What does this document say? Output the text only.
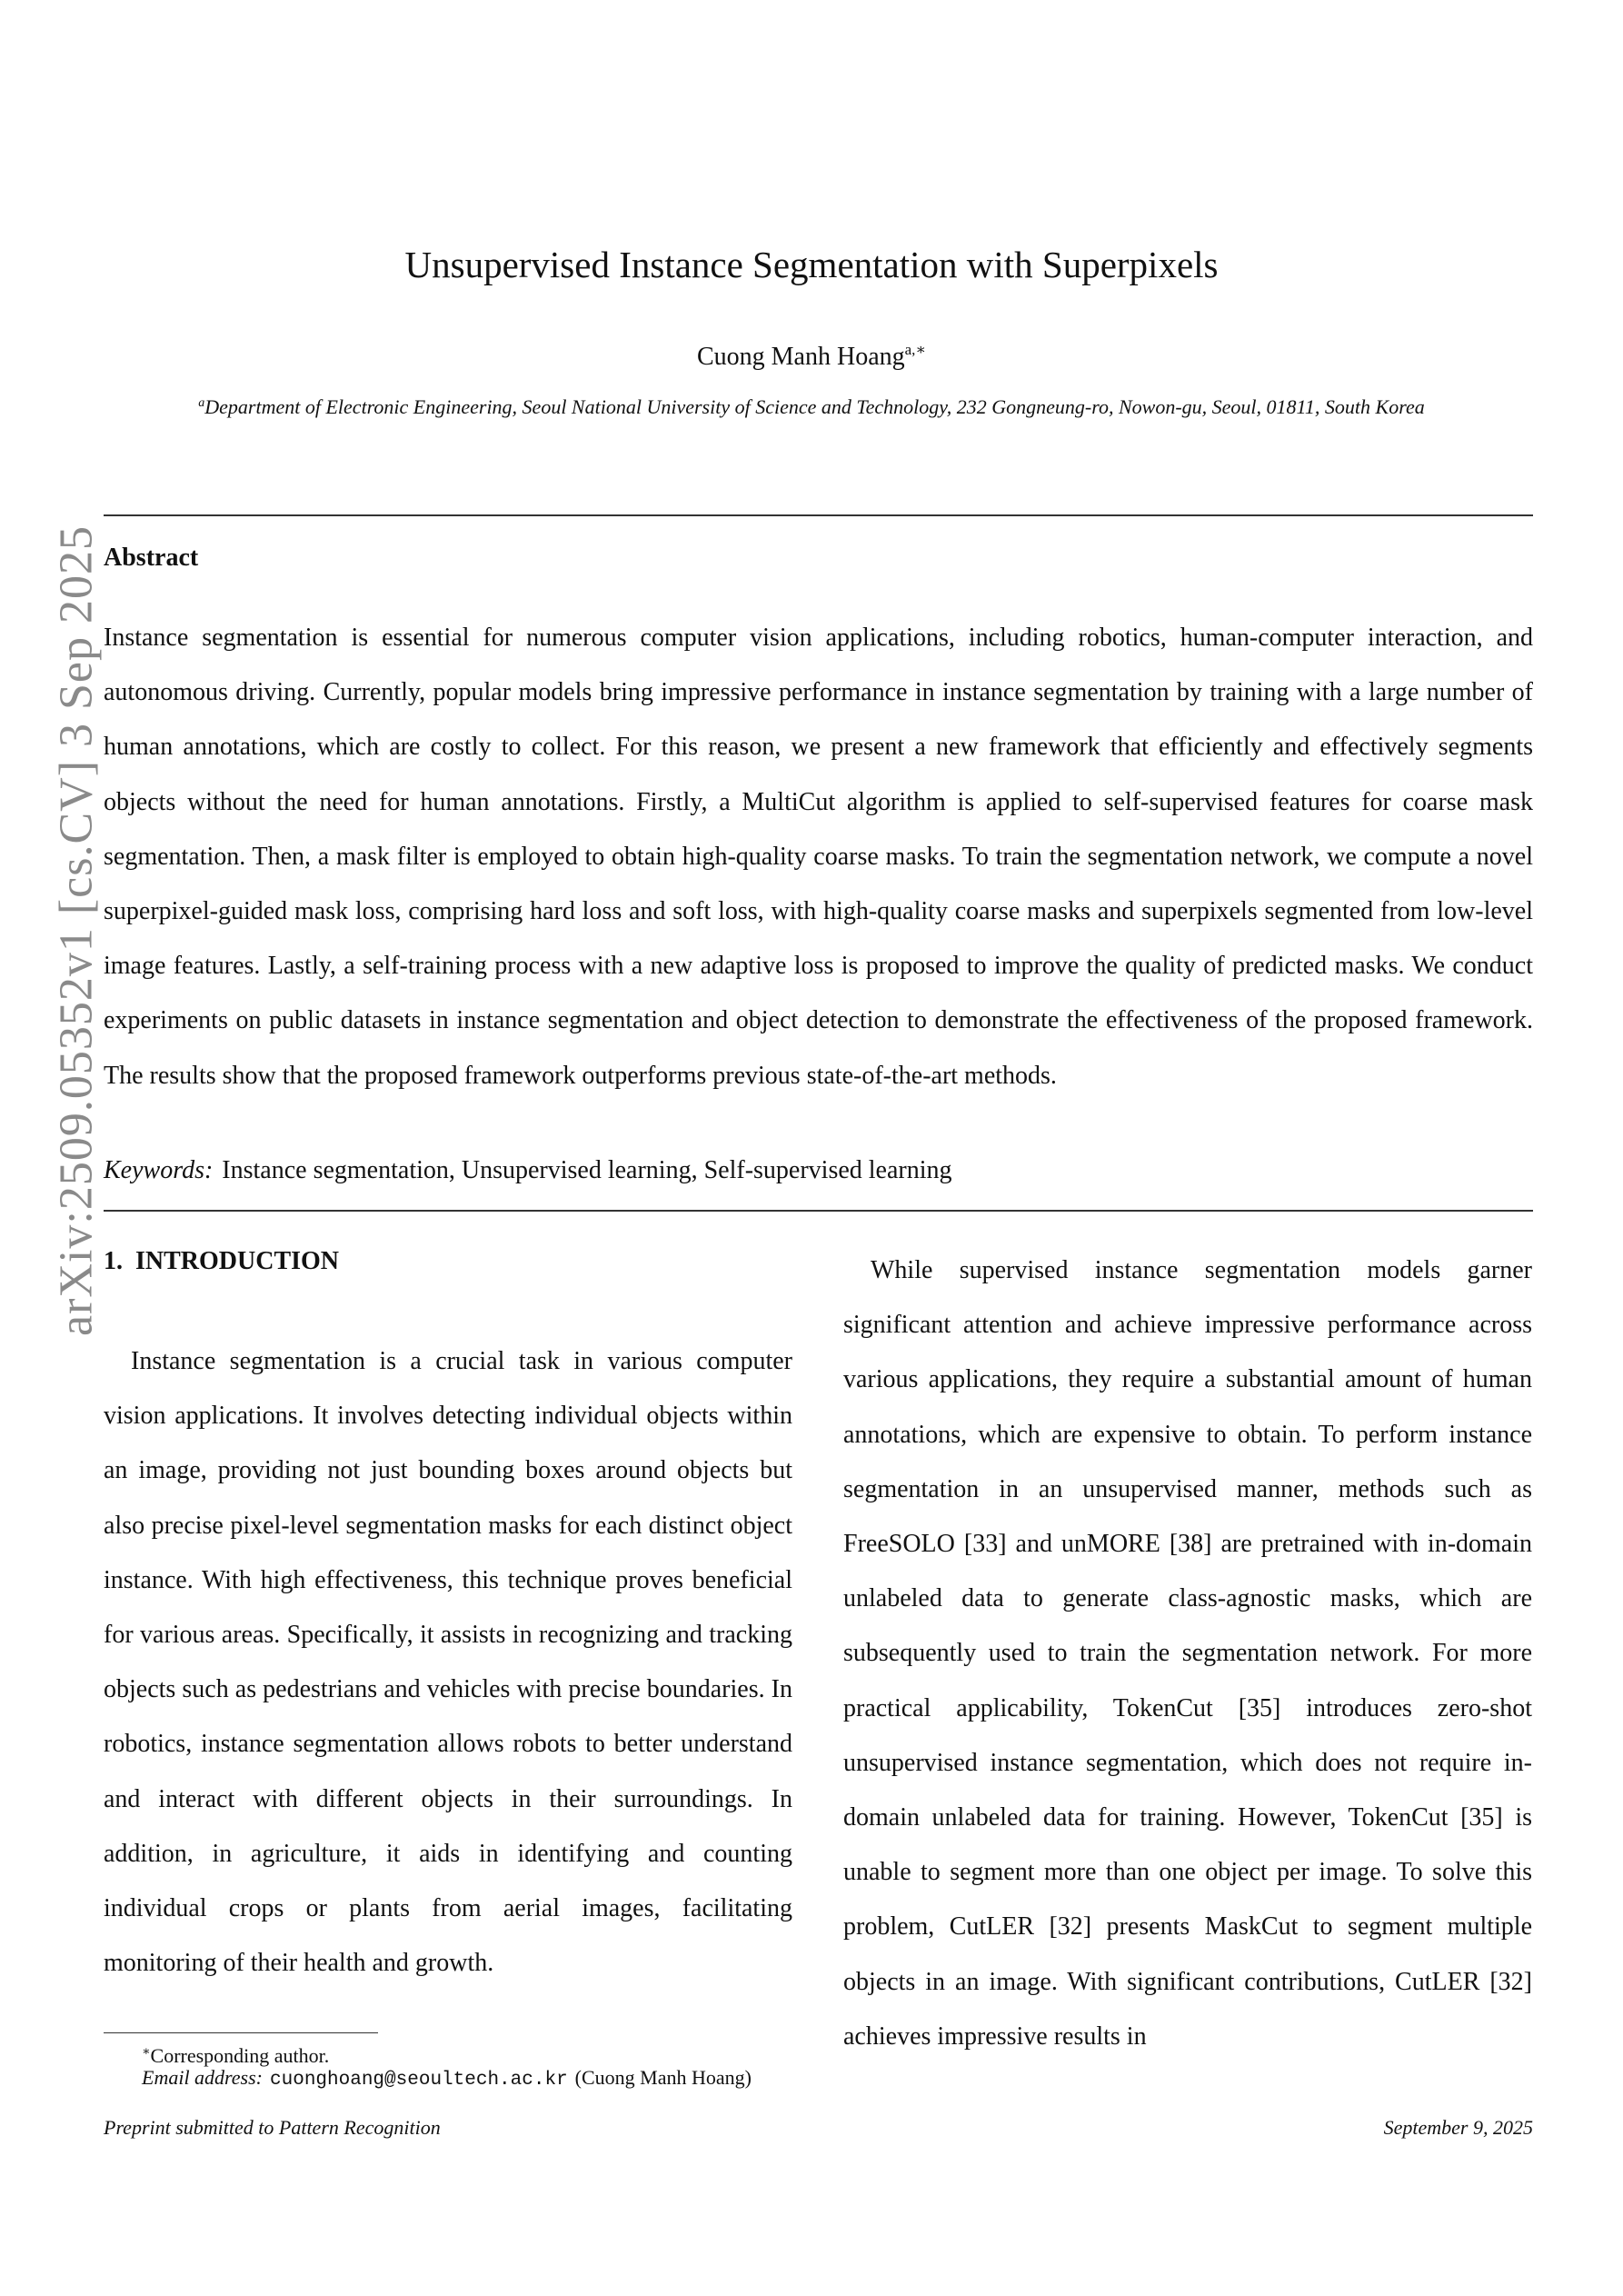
arXiv:2509.05352v1 [cs.CV] 3 Sep 2025
Unsupervised Instance Segmentation with Superpixels
Cuong Manh Hoang$^{a,∗}$
$^a$Department of Electronic Engineering, Seoul National University of Science and Technology, 232 Gongneung-ro, Nowon-gu, Seoul, 01811, South Korea
Abstract

Instance segmentation is essential for numerous computer vision applications, including robotics, human-computer interaction, and autonomous driving. Currently, popular models bring impressive performance in instance segmentation by training with a large number of human annotations, which are costly to collect. For this reason, we present a new framework that efficiently and effectively segments objects without the need for human annotations. Firstly, a MultiCut algorithm is applied to self-supervised features for coarse mask segmentation. Then, a mask filter is employed to obtain high-quality coarse masks. To train the segmentation network, we compute a novel superpixel-guided mask loss, comprising hard loss and soft loss, with high-quality coarse masks and superpixels segmented from low-level image features. Lastly, a self-training process with a new adaptive loss is proposed to improve the quality of predicted masks. We conduct experiments on public datasets in instance segmentation and object detection to demonstrate the effectiveness of the proposed framework. The results show that the proposed framework outperforms previous state-of-the-art methods.

Keywords: Instance segmentation, Unsupervised learning, Self-supervised learning
1. INTRODUCTION

Instance segmentation is a crucial task in various computer vision applications. It involves detecting individual objects within an image, providing not just bounding boxes around objects but also precise pixel-level segmentation masks for each distinct object instance. With high effectiveness, this technique proves beneficial for various areas. Specifically, it assists in recognizing and tracking objects such as pedestrians and vehicles with precise boundaries. In robotics, instance segmentation allows robots to better understand and interact with different objects in their surroundings. In addition, in agriculture, it aids in identifying and counting individual crops or plants from aerial images, facilitating monitoring of their health and growth.

While supervised instance segmentation models garner significant attention and achieve impressive performance across various applications, they require a substantial amount of human annotations, which are expensive to obtain. To perform instance segmentation in an unsupervised manner, methods such as FreeSOLO [33] and unMORE [38] are pretrained with in-domain unlabeled data to generate class-agnostic masks, which are subsequently used to train the segmentation network. For more practical applicability, TokenCut [35] introduces zero-shot unsupervised instance segmentation, which does not require in-domain unlabeled data for training. However, TokenCut [35] is unable to segment more than one object per image. To solve this problem, CutLER [32] presents MaskCut to segment multiple objects in an image. With significant contributions, CutLER [32] achieves impressive results in

∗Corresponding author.
Email address: cuonghoang@seoultech.ac.kr (Cuong Manh Hoang)
Preprint submitted to Pattern Recognition	September 9, 2025
